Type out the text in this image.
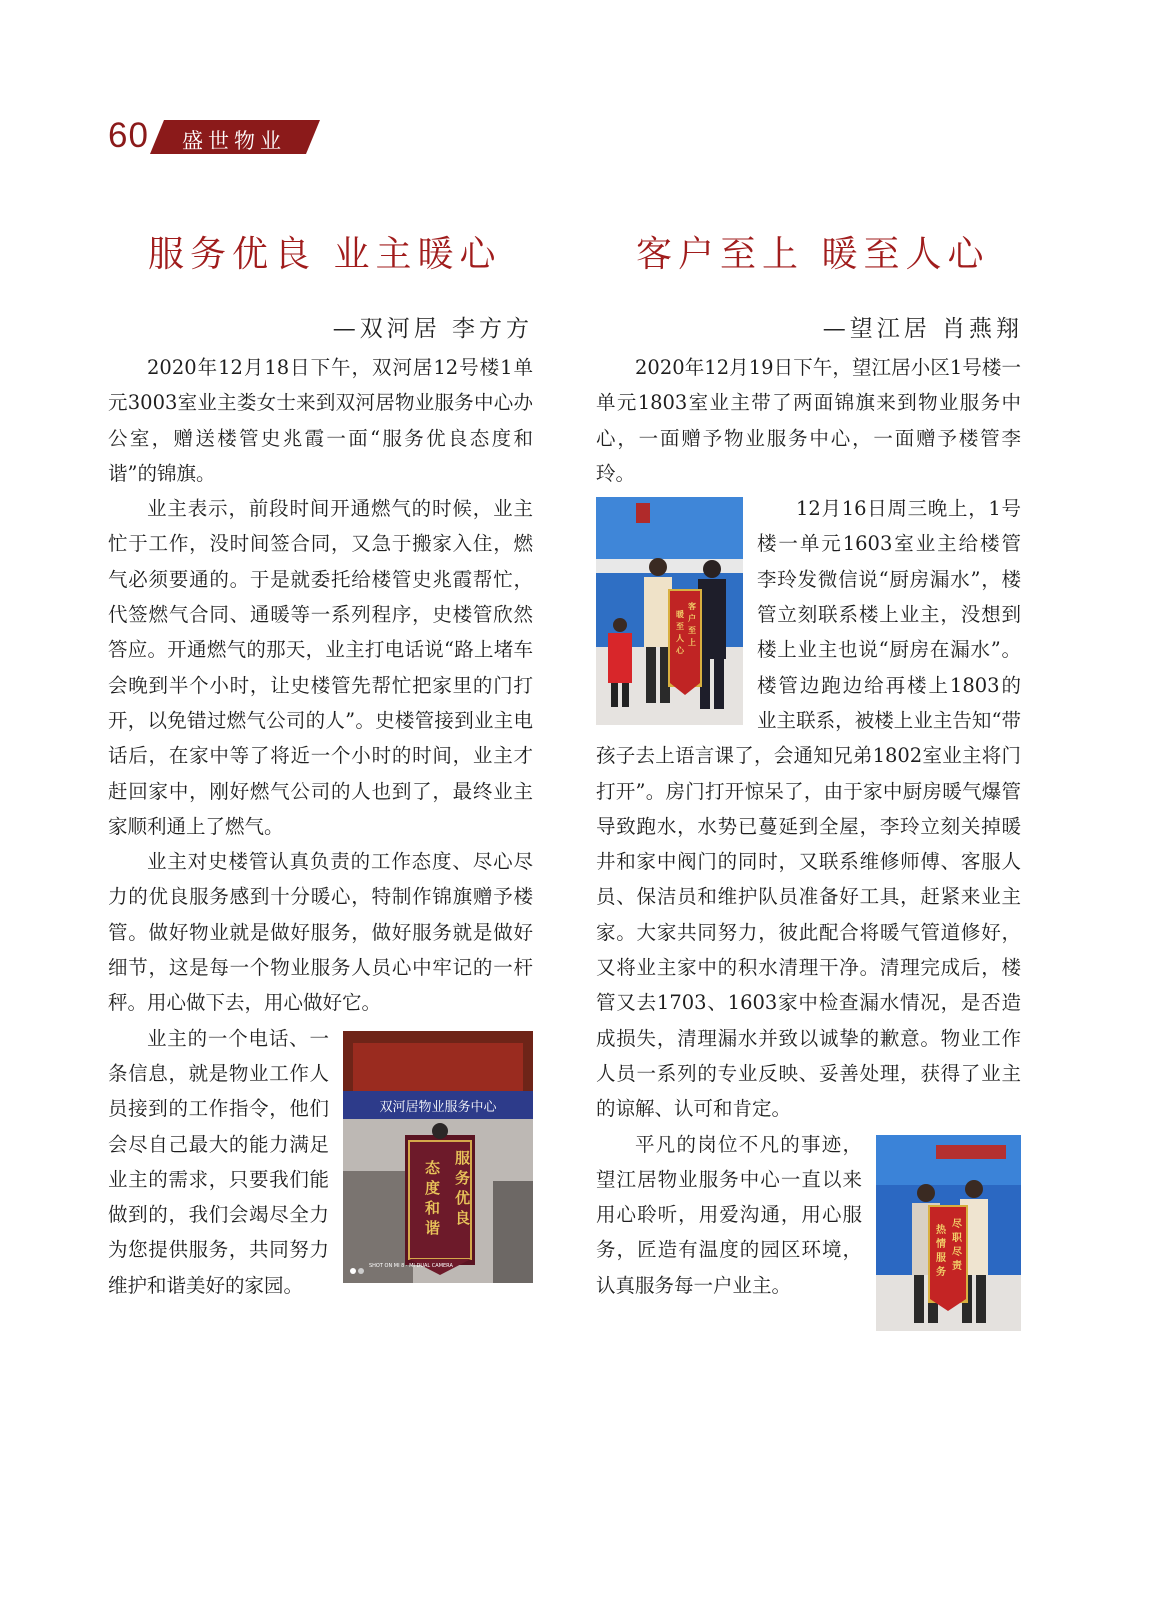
60 盛世物业
服务优良 业主暖心
—双河居 李方方

2020年12月18日下午，双河居12号楼1单元3003室业主娄女士来到双河居物业服务中心办公室，赠送楼管史兆霞一面“服务优良态度和谐”的锦旗。

业主表示，前段时间开通燃气的时候，业主忙于工作，没时间签合同，又急于搬家入住，燃气必须要通的。于是就委托给楼管史兆霞帮忙，代签燃气合同、通暖等一系列程序，史楼管欣然答应。开通燃气的那天，业主打电话说“路上堵车会晚到半个小时，让史楼管先帮忙把家里的门打开，以免错过燃气公司的人”。史楼管接到业主电话后，在家中等了将近一个小时的时间，业主才赶回家中，刚好燃气公司的人也到了，最终业主家顺利通上了燃气。

业主对史楼管认真负责的工作态度、尽心尽力的优良服务感到十分暖心，特制作锦旗赠予楼管。做好物业就是做好服务，做好服务就是做好细节，这是每一个物业服务人员心中牢记的一杆秤。用心做下去，用心做好它。

双河居物业服务中心
服
务
优
良
态
度
和
谐
SHOT ON MI 8 · MI DUAL CAMERA

业主的一个电话、一条信息，就是物业工作人员接到的工作指令，他们会尽自己最大的能力满足业主的需求，只要我们能做到的，我们会竭尽全力为您提供服务，共同努力维护和谐美好的家园。

客户至上 暖至人心
—望江居 肖燕翔

2020年12月19日下午，望江居小区1号楼一单元1803室业主带了两面锦旗来到物业服务中心，一面赠予物业服务中心，一面赠予楼管李玲。

客
户
至
上
暖
至
人
心

12月16日周三晚上，1号楼一单元1603室业主给楼管李玲发微信说“厨房漏水”，楼管立刻联系楼上业主，没想到楼上业主也说“厨房在漏水”。楼管边跑边给再楼上1803的业主联系，被楼上业主告知“带孩子去上语言课了，会通知兄弟1802室业主将门打开”。房门打开惊呆了，由于家中厨房暖气爆管导致跑水，水势已蔓延到全屋，李玲立刻关掉暖井和家中阀门的同时，又联系维修师傅、客服人员、保洁员和维护队员准备好工具，赶紧来业主家。大家共同努力，彼此配合将暖气管道修好，又将业主家中的积水清理干净。清理完成后，楼管又去1703、1603家中检查漏水情况，是否造成损失，清理漏水并致以诚挚的歉意。物业工作人员一系列的专业反映、妥善处理，获得了业主的谅解、认可和肯定。

尽
职
尽
责
热
情
服
务

平凡的岗位不凡的事迹，望江居物业服务中心一直以来用心聆听，用爱沟通，用心服务，匠造有温度的园区环境，认真服务每一户业主。
